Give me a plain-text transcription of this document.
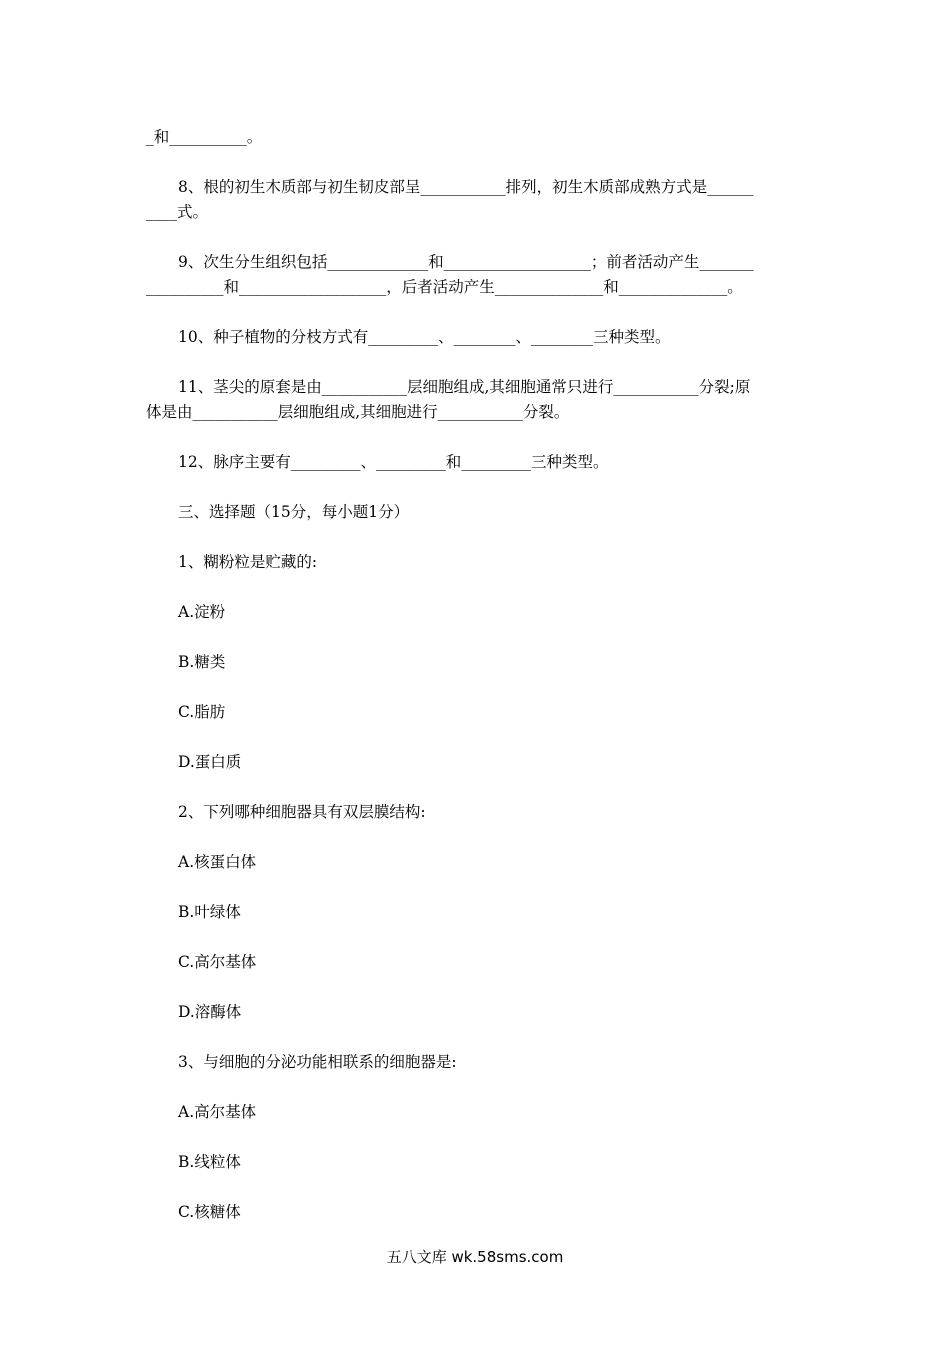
_和__________。
8、根的初生木质部与初生韧皮部呈___________排列，初生木质部成熟方式是______
____式。
9、次生分生组织包括_____________和___________________；前者活动产生_______
__________和___________________，后者活动产生______________和______________。
10、种子植物的分枝方式有_________、________、________三种类型。
11、茎尖的原套是由___________层细胞组成,其细胞通常只进行___________分裂;原
体是由___________层细胞组成,其细胞进行___________分裂。
12、脉序主要有_________、_________和_________三种类型。
三、选择题（15分，每小题1分）
1、糊粉粒是贮藏的:
A.淀粉
B.糖类
C.脂肪
D.蛋白质
2、下列哪种细胞器具有双层膜结构:
A.核蛋白体
B.叶绿体
C.高尔基体
D.溶酶体
3、与细胞的分泌功能相联系的细胞器是:
A.高尔基体
B.线粒体
C.核糖体
五八文库 wk.58sms.com
